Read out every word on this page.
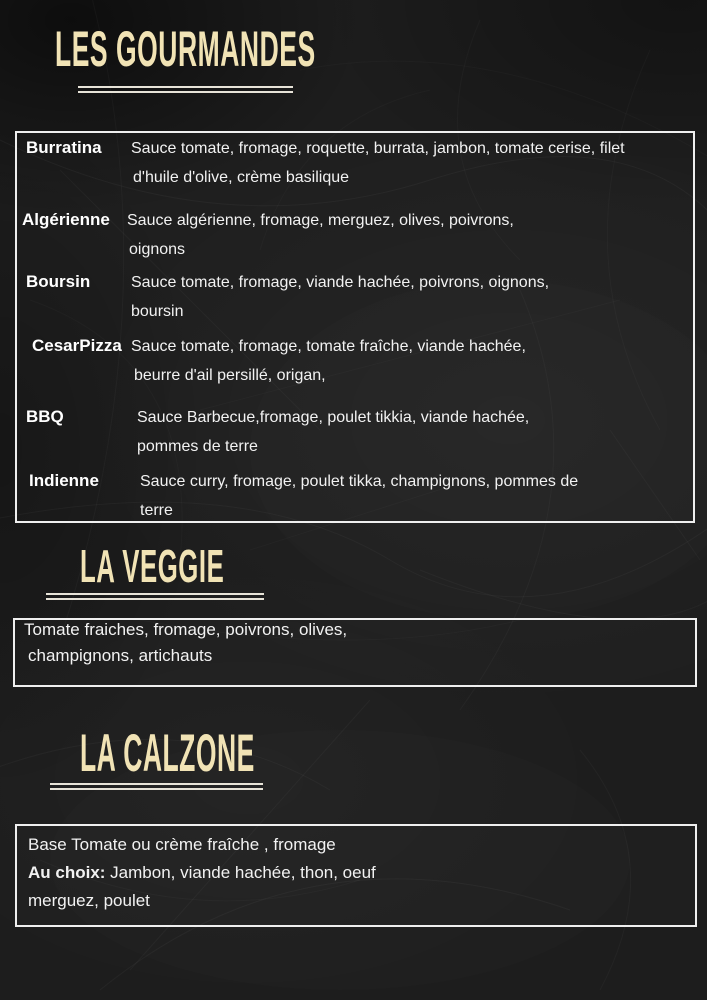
LES GOURMANDES
Burratina	Sauce tomate, fromage, roquette, burrata, jambon, tomate cerise, filet
d'huile d'olive, crème basilique
Algérienne	Sauce algérienne, fromage, merguez, olives, poivrons,
oignons
Boursin	Sauce tomate, fromage, viande hachée, poivrons, oignons,
boursin
CesarPizza Sauce tomate, fromage, tomate fraîche, viande hachée,
beurre d'ail persillé, origan,
BBQ	Sauce Barbecue,fromage, poulet tikkia, viande hachée,
pommes de terre
Indienne	Sauce curry, fromage, poulet tikka, champignons, pommes de
terre
LA VEGGIE
Tomate fraiches, fromage, poivrons, olives,
champignons, artichauts
LA CALZONE
Base Tomate ou crème fraîche , fromage
Au choix: Jambon, viande hachée, thon, oeuf
merguez, poulet
